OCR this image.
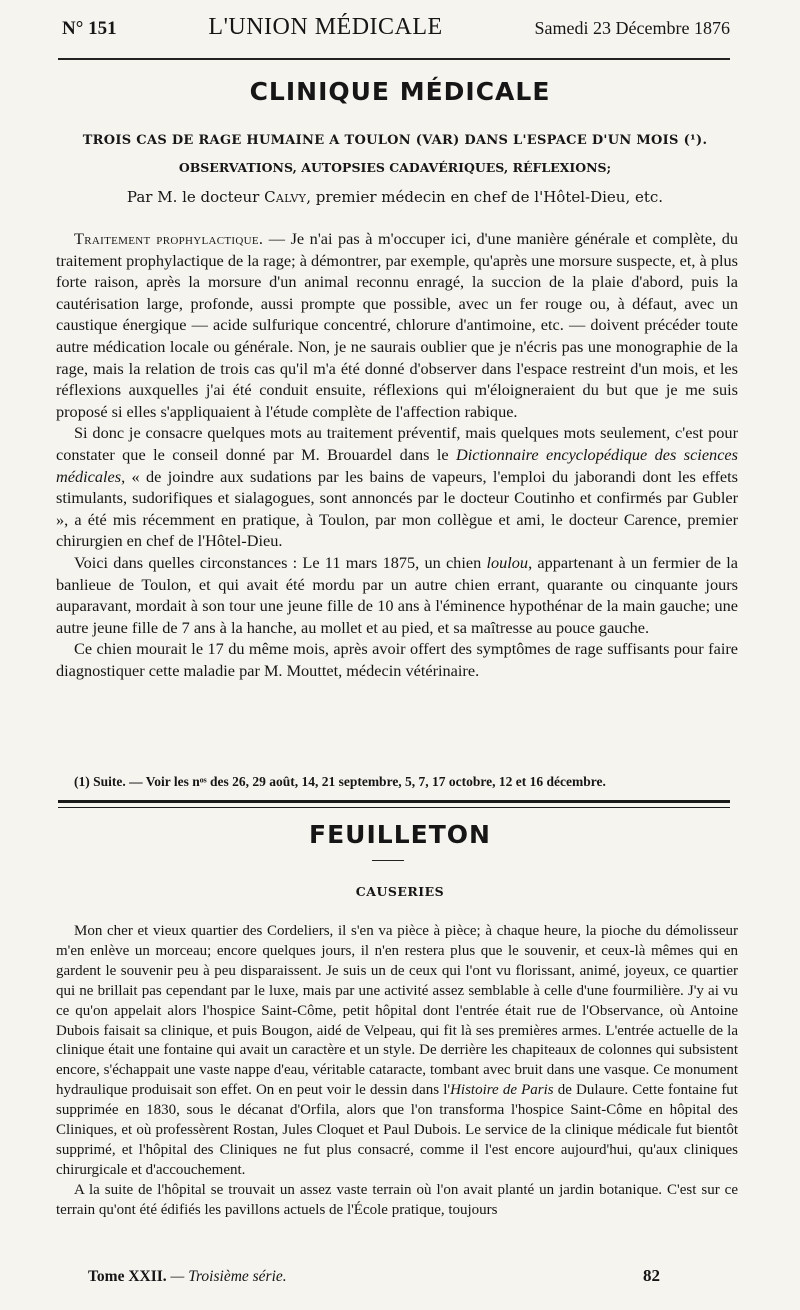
N° 151	L'UNION MÉDICALE	Samedi 23 Décembre 1876
CLINIQUE MÉDICALE
TROIS CAS DE RAGE HUMAINE A TOULON (VAR) DANS L'ESPACE D'UN MOIS (¹).
OBSERVATIONS, AUTOPSIES CADAVÉRIQUES, RÉFLEXIONS;
Par M. le docteur Calvy, premier médecin en chef de l'Hôtel-Dieu, etc.

Traitement prophylactique. — Je n'ai pas à m'occuper ici, d'une manière générale et complète, du traitement prophylactique de la rage; à démontrer, par exemple, qu'après une morsure suspecte, et, à plus forte raison, après la morsure d'un animal reconnu enragé, la succion de la plaie d'abord, puis la cautérisation large, profonde, aussi prompte que possible, avec un fer rouge ou, à défaut, avec un caustique énergique — acide sulfurique concentré, chlorure d'antimoine, etc. — doivent précéder toute autre médication locale ou générale. Non, je ne saurais oublier que je n'écris pas une monographie de la rage, mais la relation de trois cas qu'il m'a été donné d'observer dans l'espace restreint d'un mois, et les réflexions auxquelles j'ai été conduit ensuite, réflexions qui m'éloigneraient du but que je me suis proposé si elles s'appliquaient à l'étude complète de l'affection rabique.

Si donc je consacre quelques mots au traitement préventif, mais quelques mots seulement, c'est pour constater que le conseil donné par M. Brouardel dans le Dictionnaire encyclopédique des sciences médicales, « de joindre aux sudations par les bains de vapeurs, l'emploi du jaborandi dont les effets stimulants, sudorifiques et sialagogues, sont annoncés par le docteur Coutinho et confirmés par Gubler », a été mis récemment en pratique, à Toulon, par mon collègue et ami, le docteur Carence, premier chirurgien en chef de l'Hôtel-Dieu.

Voici dans quelles circonstances : Le 11 mars 1875, un chien loulou, appartenant à un fermier de la banlieue de Toulon, et qui avait été mordu par un autre chien errant, quarante ou cinquante jours auparavant, mordait à son tour une jeune fille de 10 ans à l'éminence hypothénar de la main gauche; une autre jeune fille de 7 ans à la hanche, au mollet et au pied, et sa maîtresse au pouce gauche.

Ce chien mourait le 17 du même mois, après avoir offert des symptômes de rage suffisants pour faire diagnostiquer cette maladie par M. Mouttet, médecin vétérinaire.

(1) Suite. — Voir les nᵒˢ des 26, 29 août, 14, 21 septembre, 5, 7, 17 octobre, 12 et 16 décembre.
FEUILLETON
CAUSERIES

Mon cher et vieux quartier des Cordeliers, il s'en va pièce à pièce; à chaque heure, la pioche du démolisseur m'en enlève un morceau; encore quelques jours, il n'en restera plus que le souvenir, et ceux-là mêmes qui en gardent le souvenir peu à peu disparaissent. Je suis un de ceux qui l'ont vu florissant, animé, joyeux, ce quartier qui ne brillait pas cependant par le luxe, mais par une activité assez semblable à celle d'une fourmilière. J'y ai vu ce qu'on appelait alors l'hospice Saint-Côme, petit hôpital dont l'entrée était rue de l'Observance, où Antoine Dubois faisait sa clinique, et puis Bougon, aidé de Velpeau, qui fit là ses premières armes. L'entrée actuelle de la clinique était une fontaine qui avait un caractère et un style. De derrière les chapiteaux de colonnes qui subsistent encore, s'échappait une vaste nappe d'eau, véritable cataracte, tombant avec bruit dans une vasque. Ce monument hydraulique produisait son effet. On en peut voir le dessin dans l'Histoire de Paris de Dulaure. Cette fontaine fut supprimée en 1830, sous le décanat d'Orfila, alors que l'on transforma l'hospice Saint-Côme en hôpital des Cliniques, et où professèrent Rostan, Jules Cloquet et Paul Dubois. Le service de la clinique médicale fut bientôt supprimé, et l'hôpital des Cliniques ne fut plus consacré, comme il l'est encore aujourd'hui, qu'aux cliniques chirurgicale et d'accouchement.

A la suite de l'hôpital se trouvait un assez vaste terrain où l'on avait planté un jardin botanique. C'est sur ce terrain qu'ont été édifiés les pavillons actuels de l'École pratique, toujours

Tome XXII. — Troisième série.	82
